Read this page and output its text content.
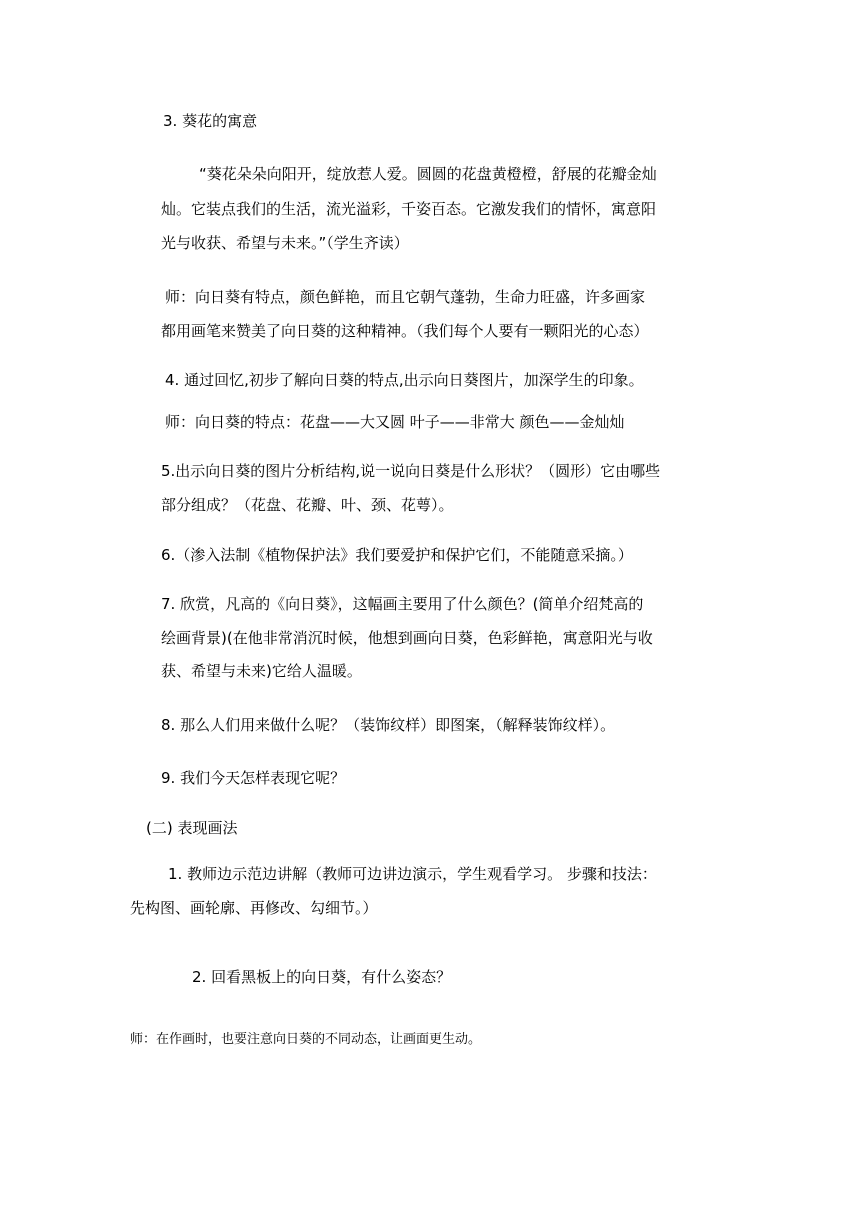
3. 葵花的寓意

“葵花朵朵向阳开，绽放惹人爱。圆圆的花盘黄橙橙，舒展的花瓣金灿

灿。它装点我们的生活，流光溢彩，千姿百态。它激发我们的情怀，寓意阳

光与收获、希望与未来。”（学生齐读）

师：向日葵有特点，颜色鲜艳，而且它朝气蓬勃，生命力旺盛，许多画家

都用画笔来赞美了向日葵的这种精神。（我们每个人要有一颗阳光的心态）

4. 通过回忆,初步了解向日葵的特点,出示向日葵图片，加深学生的印象。

师：向日葵的特点：花盘——大又圆 叶子——非常大 颜色——金灿灿

5.出示向日葵的图片分析结构,说一说向日葵是什么形状？（圆形）它由哪些

部分组成？（花盘、花瓣、叶、颈、花萼）。

6.（渗入法制《植物保护法》我们要爱护和保护它们，不能随意采摘。）

7. 欣赏，凡高的《向日葵》，这幅画主要用了什么颜色？(简单介绍梵高的

绘画背景)(在他非常消沉时候，他想到画向日葵，色彩鲜艳，寓意阳光与收

获、希望与未来)它给人温暖。

8. 那么人们用来做什么呢？（装饰纹样）即图案，（解释装饰纹样）。

9. 我们今天怎样表现它呢？

(二) 表现画法

1. 教师边示范边讲解（教师可边讲边演示，学生观看学习。 步骤和技法：

先构图、画轮廓、再修改、勾细节。）

2. 回看黑板上的向日葵，有什么姿态？

师：在作画时，也要注意向日葵的不同动态，让画面更生动。
